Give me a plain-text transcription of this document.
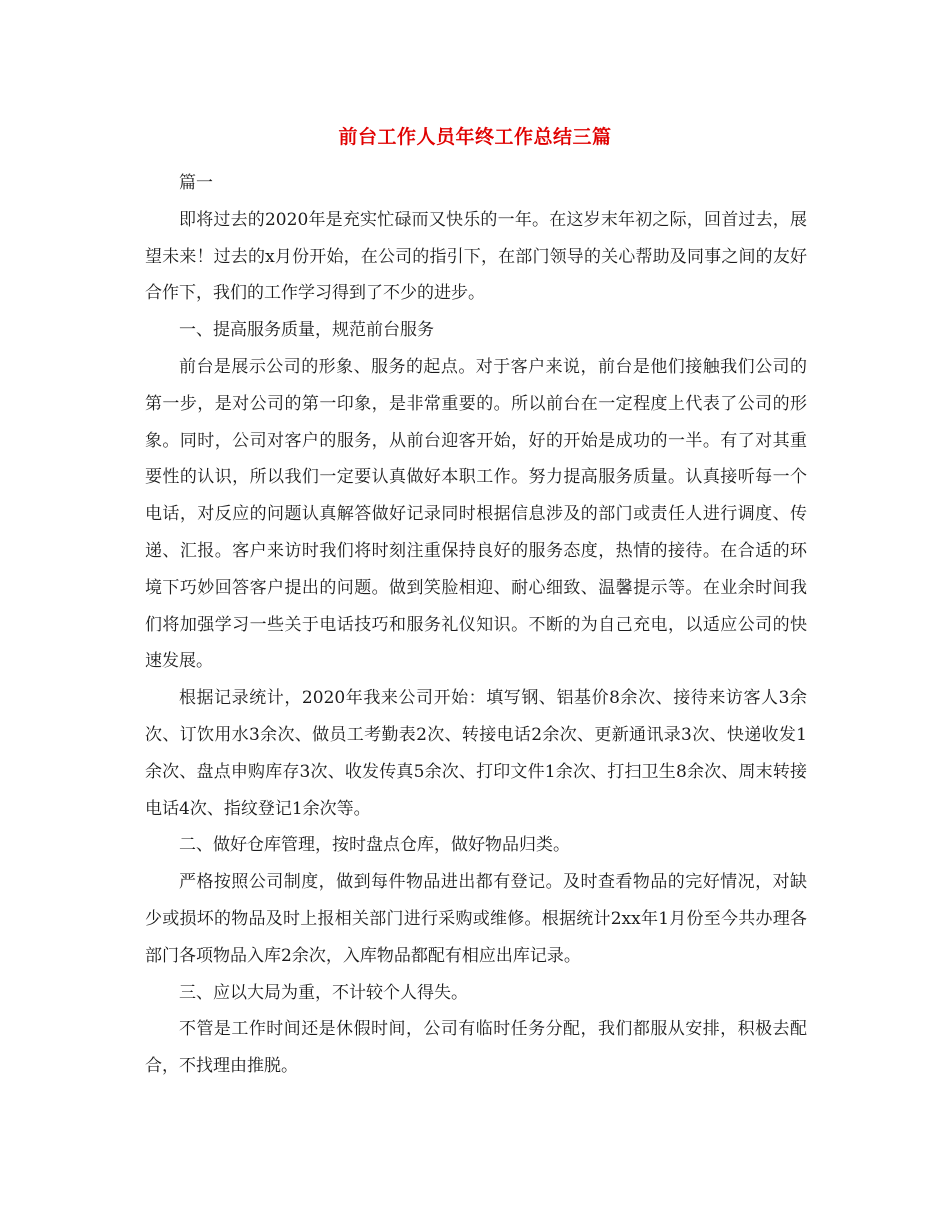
前台工作人员年终工作总结三篇

篇一

即将过去的2020年是充实忙碌而又快乐的一年。在这岁末年初之际，回首过去，展望未来！过去的x月份开始，在公司的指引下，在部门领导的关心帮助及同事之间的友好合作下，我们的工作学习得到了不少的进步。

一、提高服务质量，规范前台服务

前台是展示公司的形象、服务的起点。对于客户来说，前台是他们接触我们公司的第一步，是对公司的第一印象，是非常重要的。所以前台在一定程度上代表了公司的形象。同时，公司对客户的服务，从前台迎客开始，好的开始是成功的一半。有了对其重要性的认识，所以我们一定要认真做好本职工作。努力提高服务质量。认真接听每一个电话，对反应的问题认真解答做好记录同时根据信息涉及的部门或责任人进行调度、传递、汇报。客户来访时我们将时刻注重保持良好的服务态度，热情的接待。在合适的环境下巧妙回答客户提出的问题。做到笑脸相迎、耐心细致、温馨提示等。在业余时间我们将加强学习一些关于电话技巧和服务礼仪知识。不断的为自己充电，以适应公司的快速发展。

根据记录统计，2020年我来公司开始：填写钢、铝基价8余次、接待来访客人3余次、订饮用水3余次、做员工考勤表2次、转接电话2余次、更新通讯录3次、快递收发1余次、盘点申购库存3次、收发传真5余次、打印文件1余次、打扫卫生8余次、周末转接电话4次、指纹登记1余次等。

二、做好仓库管理，按时盘点仓库，做好物品归类。

严格按照公司制度，做到每件物品进出都有登记。及时查看物品的完好情况，对缺少或损坏的物品及时上报相关部门进行采购或维修。根据统计2xx年1月份至今共办理各部门各项物品入库2余次，入库物品都配有相应出库记录。

三、应以大局为重，不计较个人得失。

不管是工作时间还是休假时间，公司有临时任务分配，我们都服从安排，积极去配合，不找理由推脱。
